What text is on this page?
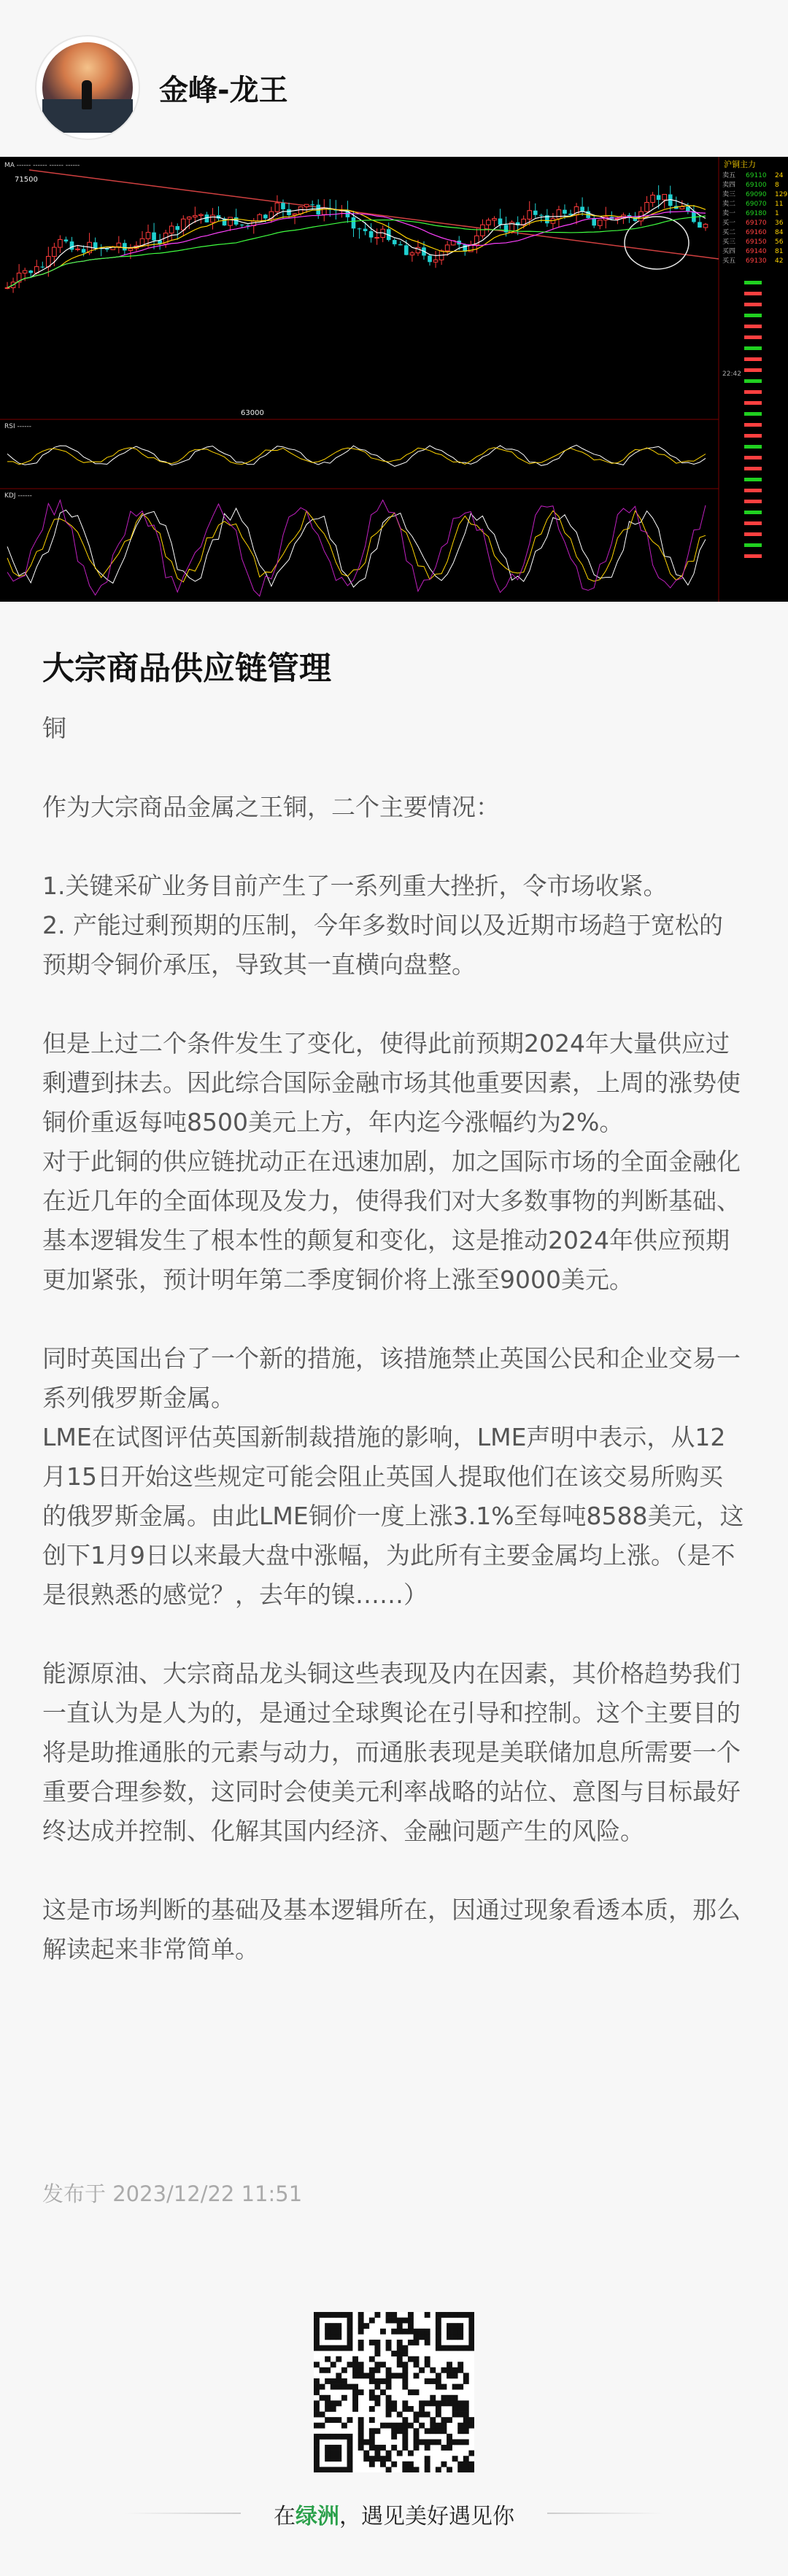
金峰-龙王
MA ------ ------ ------ ------
RSI ------
KDJ ------
71500
63000
沪铜主力
卖五 69110 24
卖四 69100 8
卖三 69090 129
卖二 69070 11
卖一 69180 1
买一 69170 36
买二 69160 84
买三 69150 56
买四 69140 81
买五 69130 42
22:42
大宗商品供应链管理

铜

作为大宗商品金属之王铜，二个主要情况：

1.关键采矿业务目前产生了一系列重大挫折，令市场收紧。
2. 产能过剩预期的压制，今年多数时间以及近期市场趋于宽松的预期令铜价承压，导致其一直横向盘整。

但是上过二个条件发生了变化，使得此前预期2024年大量供应过剩遭到抹去。因此综合国际金融市场其他重要因素，上周的涨势使铜价重返每吨8500美元上方，年内迄今涨幅约为2%。
对于此铜的供应链扰动正在迅速加剧，加之国际市场的全面金融化在近几年的全面体现及发力，使得我们对大多数事物的判断基础、基本逻辑发生了根本性的颠复和变化，这是推动2024年供应预期更加紧张，预计明年第二季度铜价将上涨至9000美元。

同时英国出台了一个新的措施，该措施禁止英国公民和企业交易一系列俄罗斯金属。
LME在试图评估英国新制裁措施的影响，LME声明中表示，从12月15日开始这些规定可能会阻止英国人提取他们在该交易所购买的俄罗斯金属。由此LME铜价一度上涨3.1%至每吨8588美元，这创下1月9日以来最大盘中涨幅，为此所有主要金属均上涨。（是不是很熟悉的感觉？，去年的镍……）

能源原油、大宗商品龙头铜这些表现及内在因素，其价格趋势我们一直认为是人为的，是通过全球舆论在引导和控制。这个主要目的将是助推通胀的元素与动力，而通胀表现是美联储加息所需要一个重要合理参数，这同时会使美元利率战略的站位、意图与目标最好终达成并控制、化解其国内经济、金融问题产生的风险。

这是市场判断的基础及基本逻辑所在，因通过现象看透本质，那么解读起来非常简单。

发布于 2023/12/22 11:51
在绿洲，遇见美好遇见你
